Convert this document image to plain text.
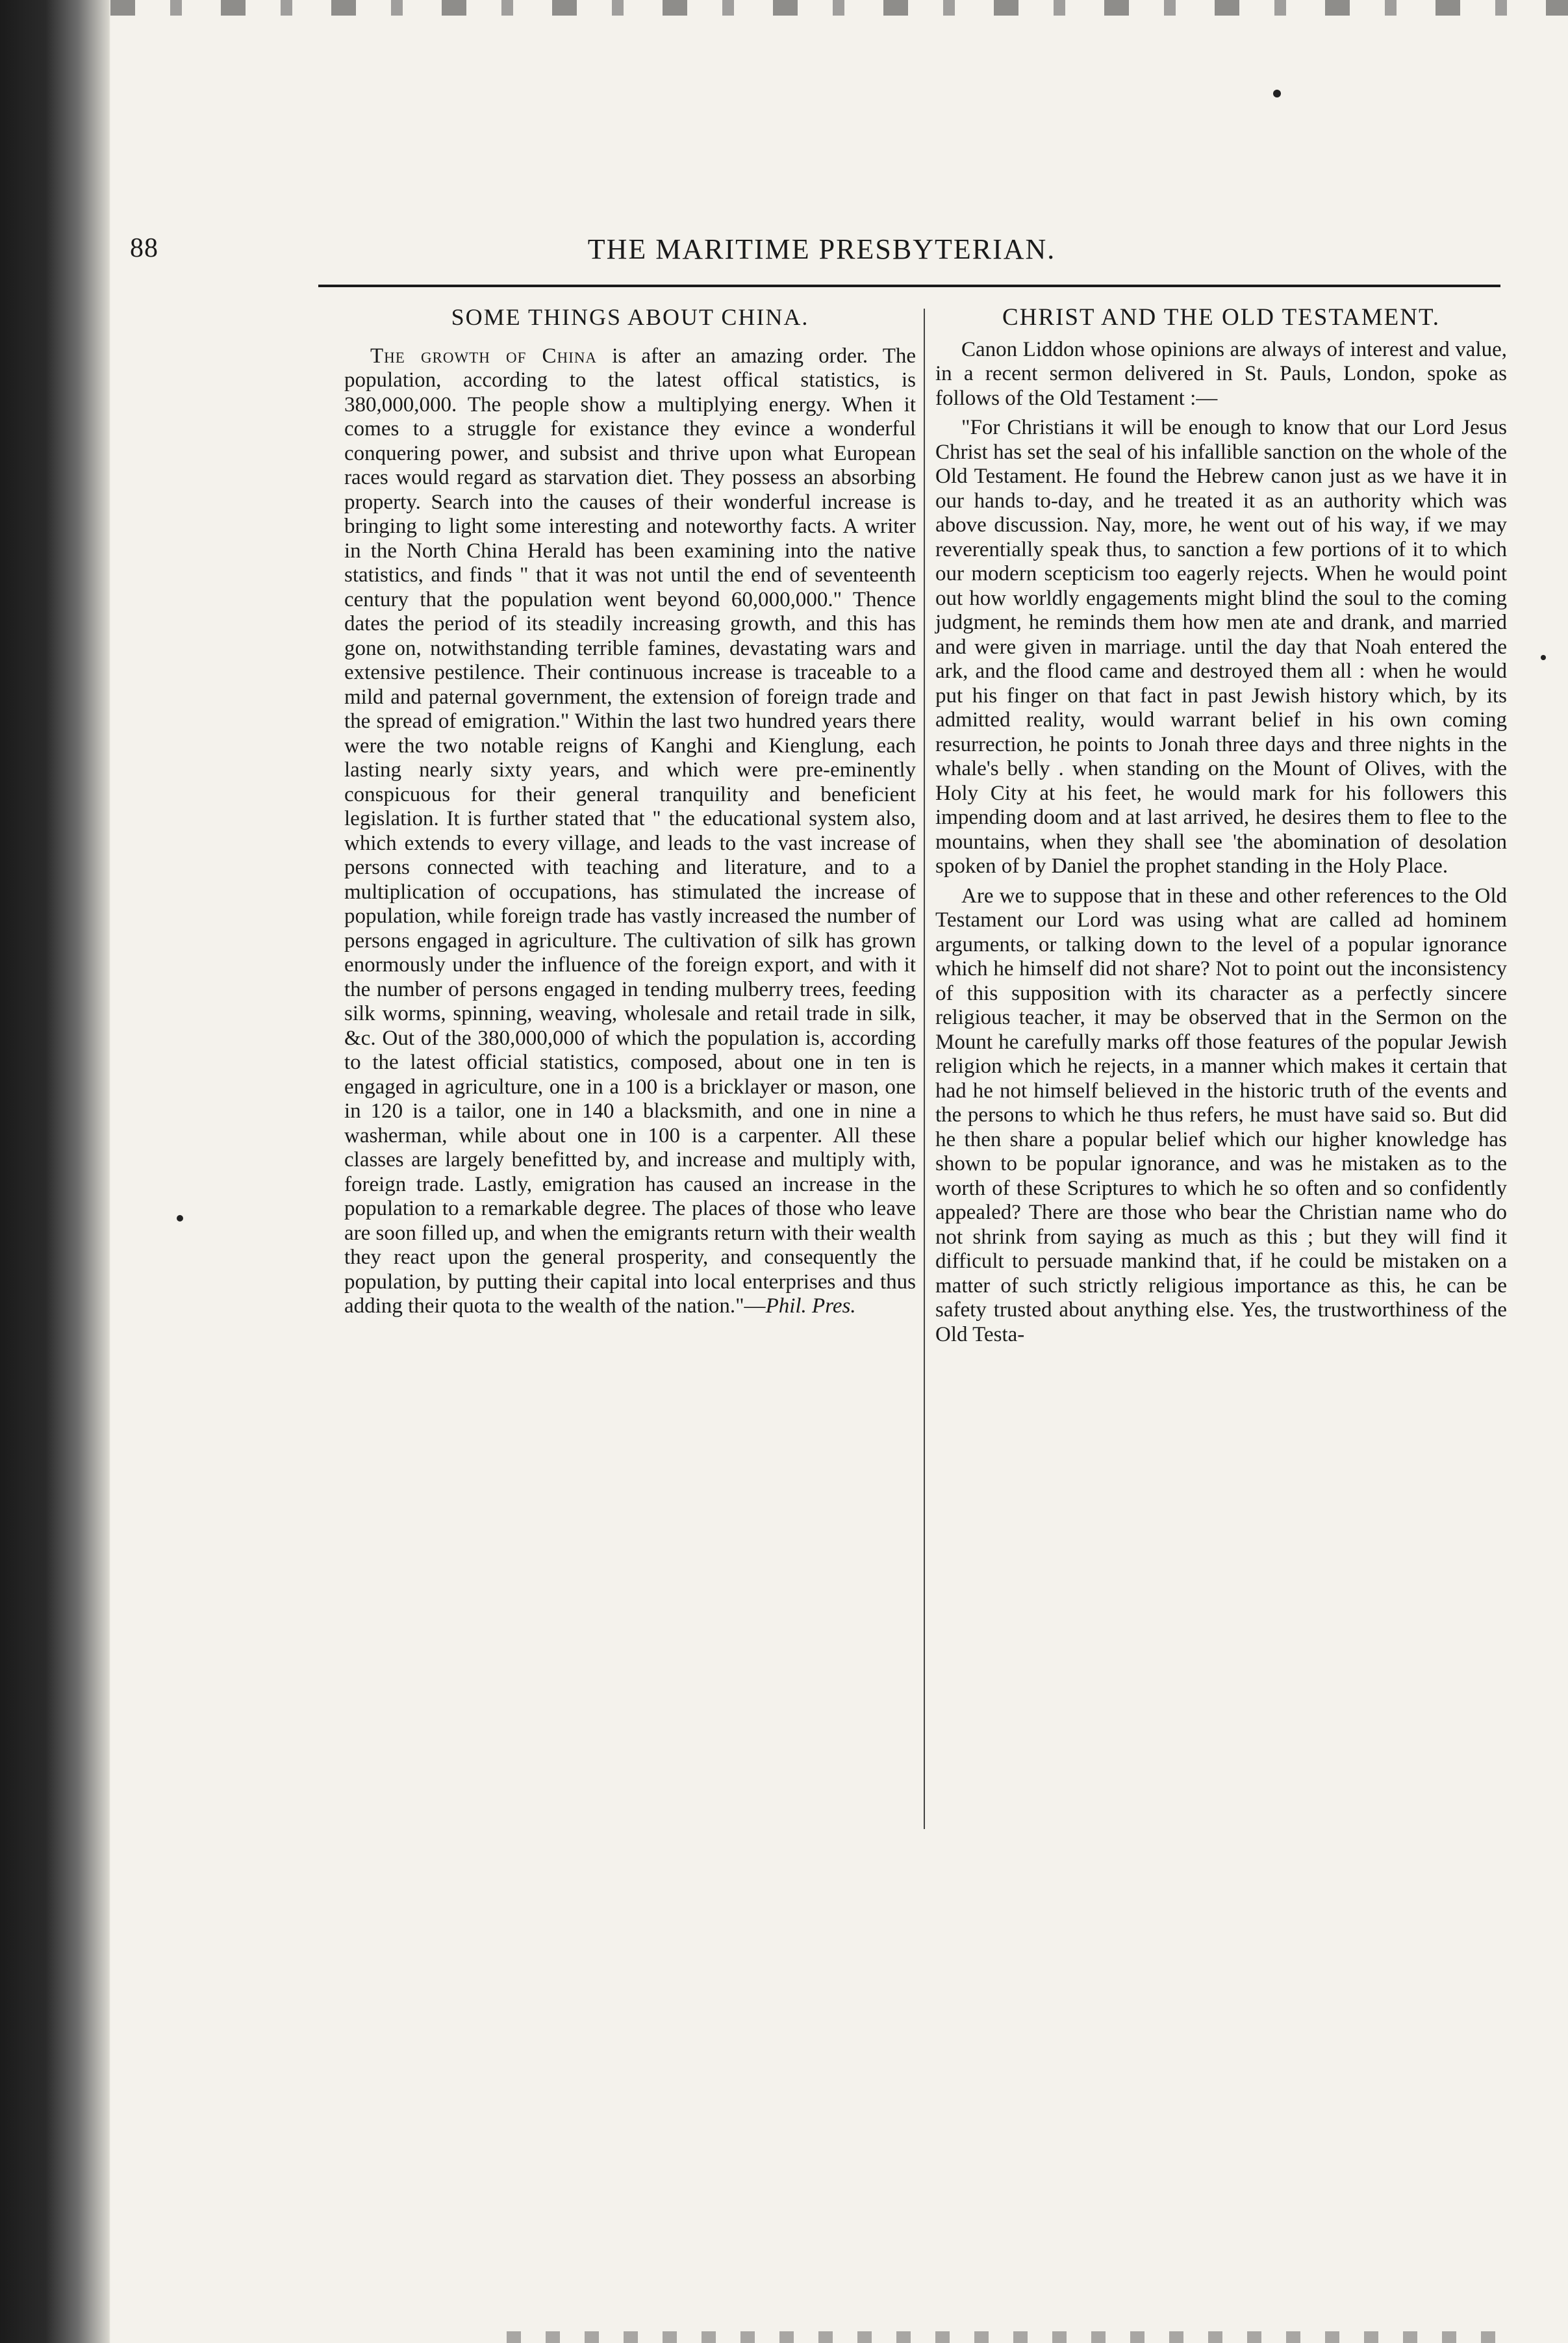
88	THE MARITIME PRESBYTERIAN.
SOME THINGS ABOUT CHINA.

The growth of China is after an amazing order. The population, according to the latest offical statistics, is 380,000,000. The people show a multiplying energy. When it comes to a struggle for existance they evince a wonderful conquering power, and subsist and thrive upon what European races would regard as starvation diet. They possess an absorbing property. Search into the causes of their wonderful increase is bringing to light some interesting and noteworthy facts. A writer in the North China Herald has been examining into the native statistics, and finds " that it was not until the end of seventeenth century that the population went beyond 60,000,000." Thence dates the period of its steadily increasing growth, and this has gone on, notwithstanding terrible famines, devastating wars and extensive pestilence. Their continuous increase is traceable to a mild and paternal government, the extension of foreign trade and the spread of emigration." Within the last two hundred years there were the two notable reigns of Kanghi and Kienglung, each lasting nearly sixty years, and which were pre-eminently conspicuous for their general tranquility and beneficient legislation. It is further stated that " the educational system also, which extends to every village, and leads to the vast increase of persons connected with teaching and literature, and to a multiplication of occupations, has stimulated the increase of population, while foreign trade has vastly increased the number of persons engaged in agriculture. The cultivation of silk has grown enormously under the influence of the foreign export, and with it the number of persons engaged in tending mulberry trees, feeding silk worms, spinning, weaving, wholesale and retail trade in silk, &c. Out of the 380,000,000 of which the population is, according to the latest official statistics, composed, about one in ten is engaged in agriculture, one in a 100 is a bricklayer or mason, one in 120 is a tailor, one in 140 a blacksmith, and one in nine a washerman, while about one in 100 is a carpenter. All these classes are largely benefitted by, and increase and multiply with, foreign trade. Lastly, emigration has caused an increase in the population to a remarkable degree. The places of those who leave are soon filled up, and when the emigrants return with their wealth they react upon the general prosperity, and consequently the population, by putting their capital into local enterprises and thus adding their quota to the wealth of the nation."—Phil. Pres.

CHRIST AND THE OLD TESTAMENT.

Canon Liddon whose opinions are always of interest and value, in a recent sermon delivered in St. Pauls, London, spoke as follows of the Old Testament :—

"For Christians it will be enough to know that our Lord Jesus Christ has set the seal of his infallible sanction on the whole of the Old Testament. He found the Hebrew canon just as we have it in our hands to-day, and he treated it as an authority which was above discussion. Nay, more, he went out of his way, if we may reverentially speak thus, to sanction a few portions of it to which our modern scepticism too eagerly rejects. When he would point out how worldly engagements might blind the soul to the coming judgment, he reminds them how men ate and drank, and married and were given in marriage. until the day that Noah entered the ark, and the flood came and destroyed them all : when he would put his finger on that fact in past Jewish history which, by its admitted reality, would warrant belief in his own coming resurrection, he points to Jonah three days and three nights in the whale's belly . when standing on the Mount of Olives, with the Holy City at his feet, he would mark for his followers this impending doom and at last arrived, he desires them to flee to the mountains, when they shall see 'the abomination of desolation spoken of by Daniel the prophet standing in the Holy Place.

Are we to suppose that in these and other references to the Old Testament our Lord was using what are called ad hominem arguments, or talking down to the level of a popular ignorance which he himself did not share? Not to point out the inconsistency of this supposition with its character as a perfectly sincere religious teacher, it may be observed that in the Sermon on the Mount he carefully marks off those features of the popular Jewish religion which he rejects, in a manner which makes it certain that had he not himself believed in the historic truth of the events and the persons to which he thus refers, he must have said so. But did he then share a popular belief which our higher knowledge has shown to be popular ignorance, and was he mistaken as to the worth of these Scriptures to which he so often and so confidently appealed? There are those who bear the Christian name who do not shrink from saying as much as this ; but they will find it difficult to persuade mankind that, if he could be mistaken on a matter of such strictly religious importance as this, he can be safety trusted about anything else. Yes, the trustworthiness of the Old Testa-
